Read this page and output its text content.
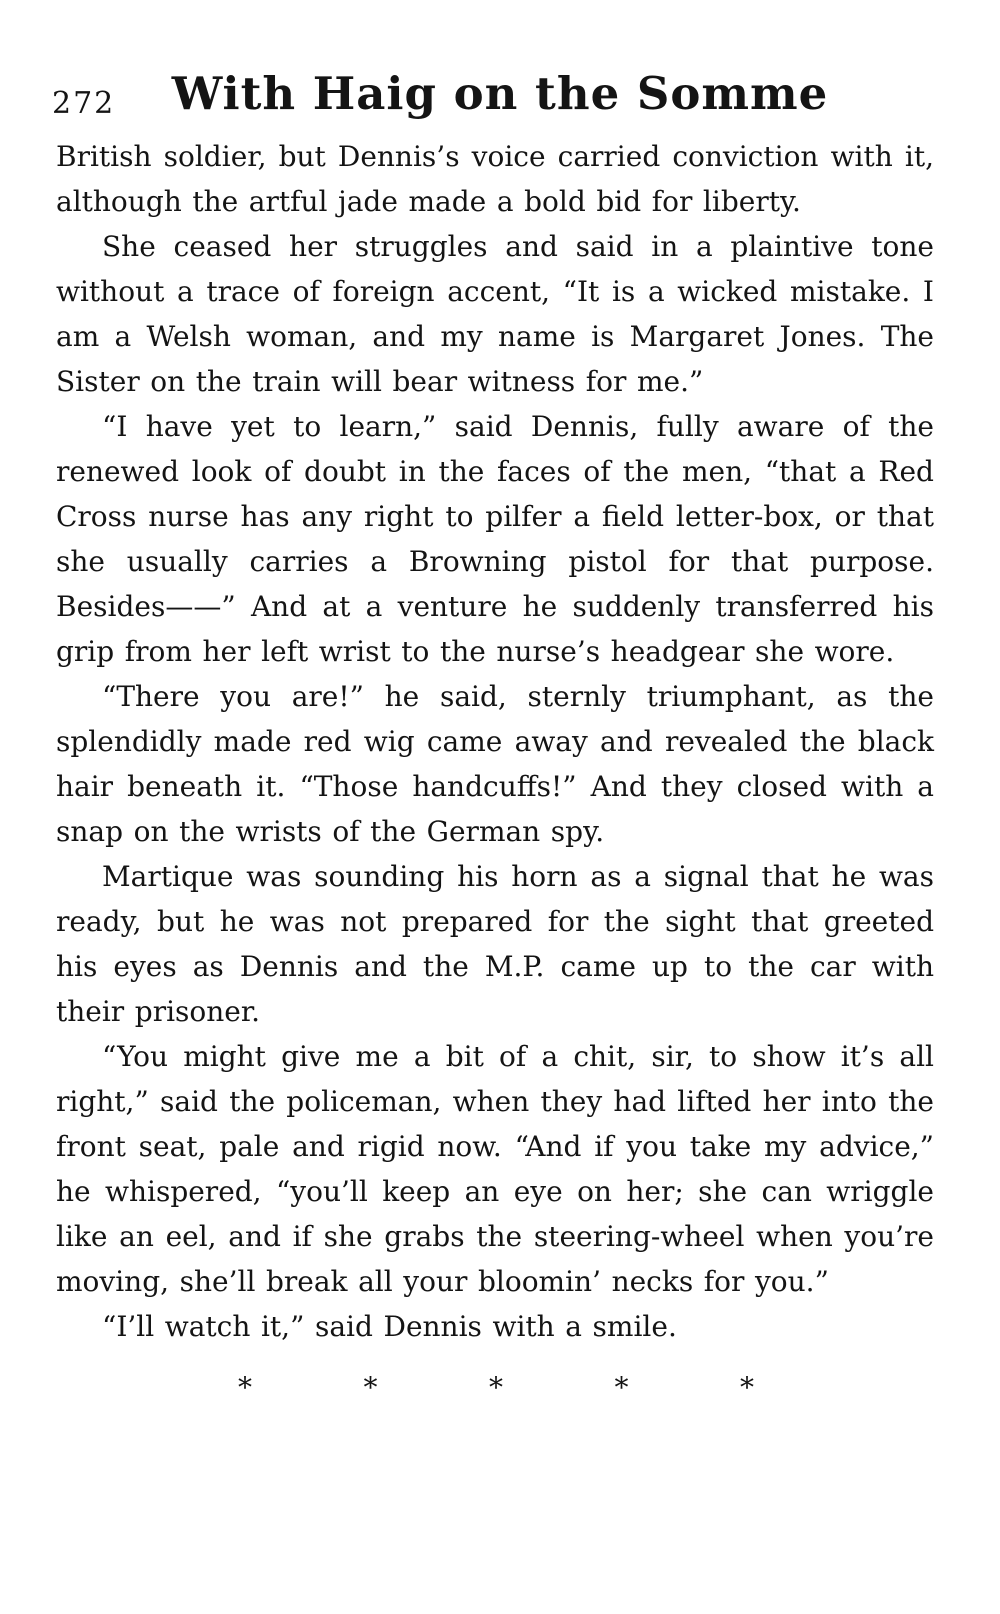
272	With Haig on the Somme

British soldier, but Dennis’s voice carried conviction with it, although the artful jade made a bold bid for liberty.

She ceased her struggles and said in a plaintive tone without a trace of foreign accent, “It is a wicked mistake. I am a Welsh woman, and my name is Margaret Jones. The Sister on the train will bear witness for me.”

“I have yet to learn,” said Dennis, fully aware of the renewed look of doubt in the faces of the men, “that a Red Cross nurse has any right to pilfer a field letter-box, or that she usually carries a Browning pistol for that purpose. Besides——” And at a venture he suddenly transferred his grip from her left wrist to the nurse’s headgear she wore.

“There you are!” he said, sternly triumphant, as the splendidly made red wig came away and revealed the black hair beneath it. “Those handcuffs!” And they closed with a snap on the wrists of the German spy.

Martique was sounding his horn as a signal that he was ready, but he was not prepared for the sight that greeted his eyes as Dennis and the M.P. came up to the car with their prisoner.

“You might give me a bit of a chit, sir, to show it’s all right,” said the policeman, when they had lifted her into the front seat, pale and rigid now. “And if you take my advice,” he whispered, “you’ll keep an eye on her; she can wriggle like an eel, and if she grabs the steering-wheel when you’re moving, she’ll break all your bloomin’ necks for you.”

“I’ll watch it,” said Dennis with a smile.

*	*	*	*	*
